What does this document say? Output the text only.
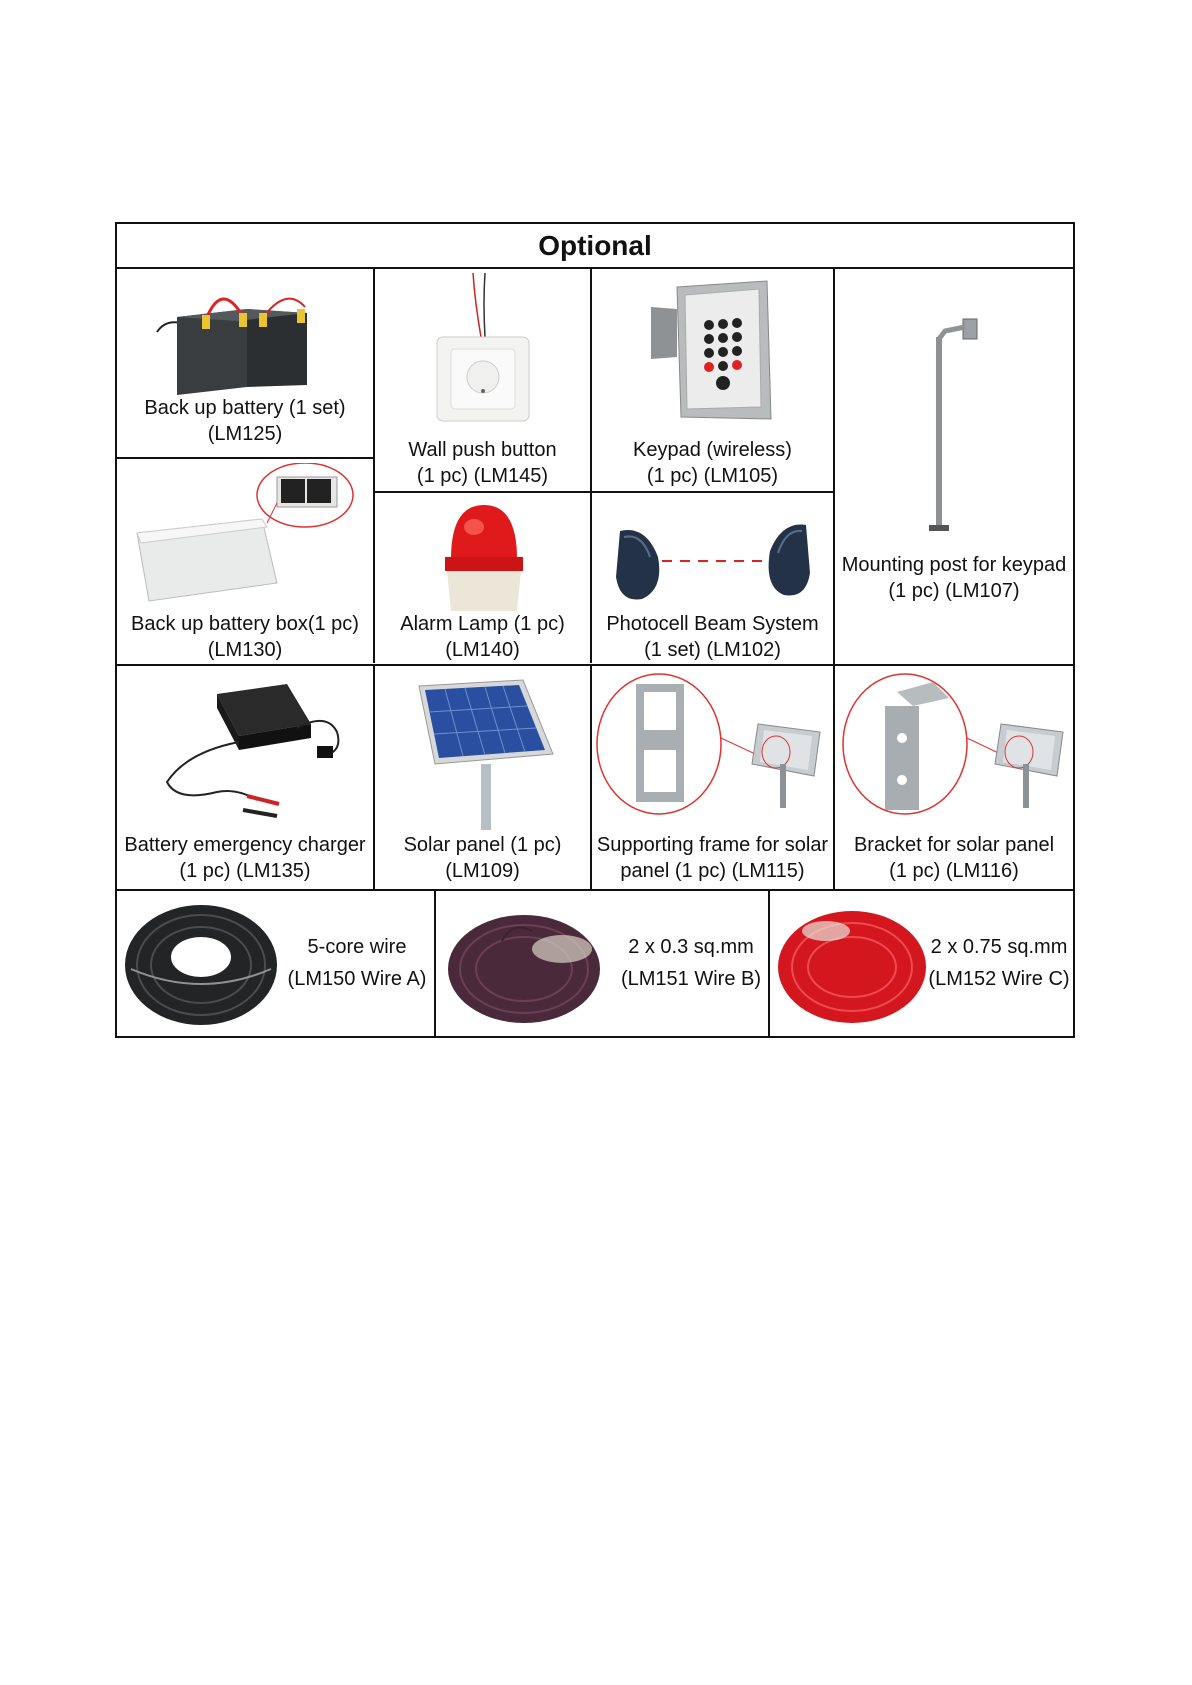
Optional
Back up battery (1 set)
(LM125)
Back up battery box(1 pc)
(LM130)
Wall push button
(1 pc) (LM145)
Keypad (wireless)
(1 pc) (LM105)
Mounting post for keypad
(1 pc) (LM107)
Alarm Lamp (1 pc)
(LM140)
Photocell Beam System
(1 set) (LM102)
Battery emergency charger
(1 pc) (LM135)
Solar panel (1 pc)
(LM109)
Supporting frame for solar
panel (1 pc) (LM115)
Bracket for solar panel
(1 pc) (LM116)
5-core wire
(LM150 Wire A)
2 x 0.3 sq.mm
(LM151 Wire B)
2 x 0.75 sq.mm
(LM152 Wire C)
